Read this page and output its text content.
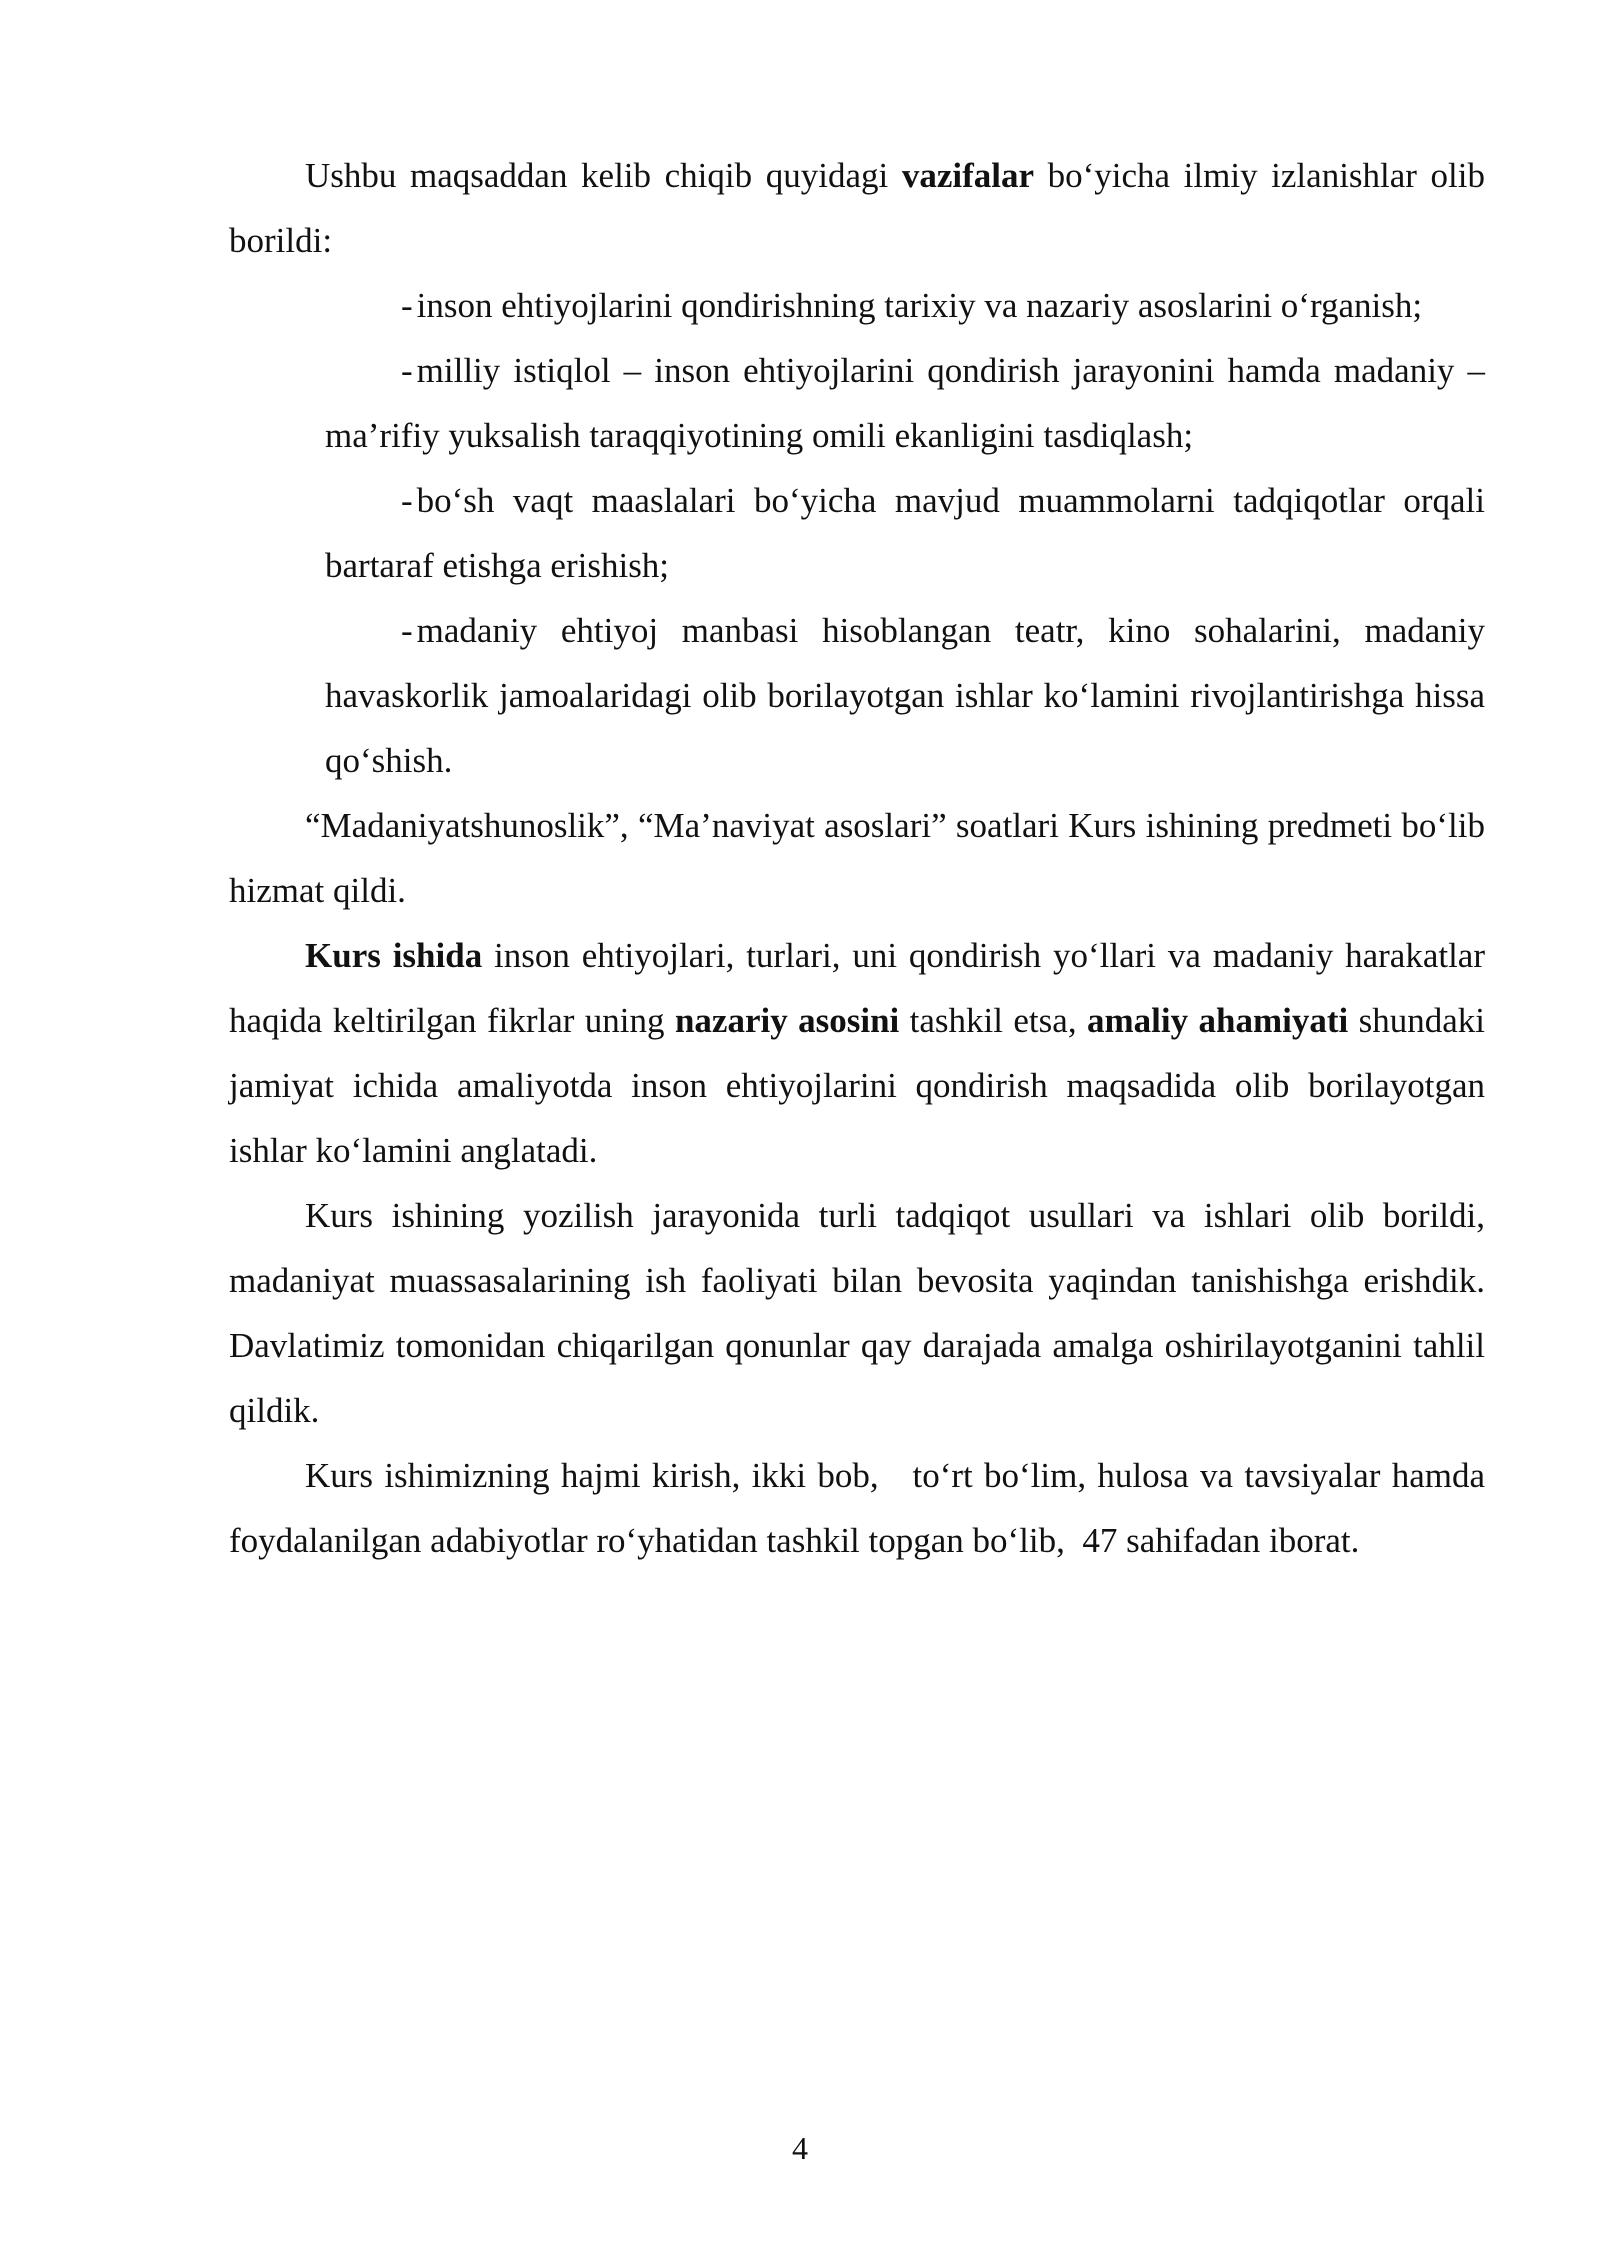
Ushbu maqsaddan kelib chiqib quyidagi vazifalar bo‘yicha ilmiy izlanishlar olib borildi:

- inson ehtiyojlarini qondirishning tarixiy va nazariy asoslarini o‘rganish;

- milliy istiqlol – inson ehtiyojlarini qondirish jarayonini hamda madaniy – ma’rifiy yuksalish taraqqiyotining omili ekanligini tasdiqlash;

- bo‘sh vaqt maaslalari bo‘yicha mavjud muammolarni tadqiqotlar orqali bartaraf etishga erishish;

- madaniy ehtiyoj manbasi hisoblangan teatr, kino sohalarini, madaniy havaskorlik jamoalaridagi olib borilayotgan ishlar ko‘lamini rivojlantirishga hissa qo‘shish.

“Madaniyatshunoslik”, “Ma’naviyat asoslari” soatlari Kurs ishining predmeti bo‘lib hizmat qildi.

Kurs ishida inson ehtiyojlari, turlari, uni qondirish yo‘llari va madaniy harakatlar haqida keltirilgan fikrlar uning nazariy asosini tashkil etsa, amaliy ahamiyati shundaki jamiyat ichida amaliyotda inson ehtiyojlarini qondirish maqsadida olib borilayotgan ishlar ko‘lamini anglatadi.

Kurs ishining yozilish jarayonida turli tadqiqot usullari va ishlari olib borildi, madaniyat muassasalarining ish faoliyati bilan bevosita yaqindan tanishishga erishdik. Davlatimiz tomonidan chiqarilgan qonunlar qay darajada amalga oshirilayotganini tahlil qildik.

Kurs ishimizning hajmi kirish, ikki bob,   to‘rt bo‘lim, hulosa va tavsiyalar hamda foydalanilgan adabiyotlar ro‘yhatidan tashkil topgan bo‘lib,  47 sahifadan iborat.

4
